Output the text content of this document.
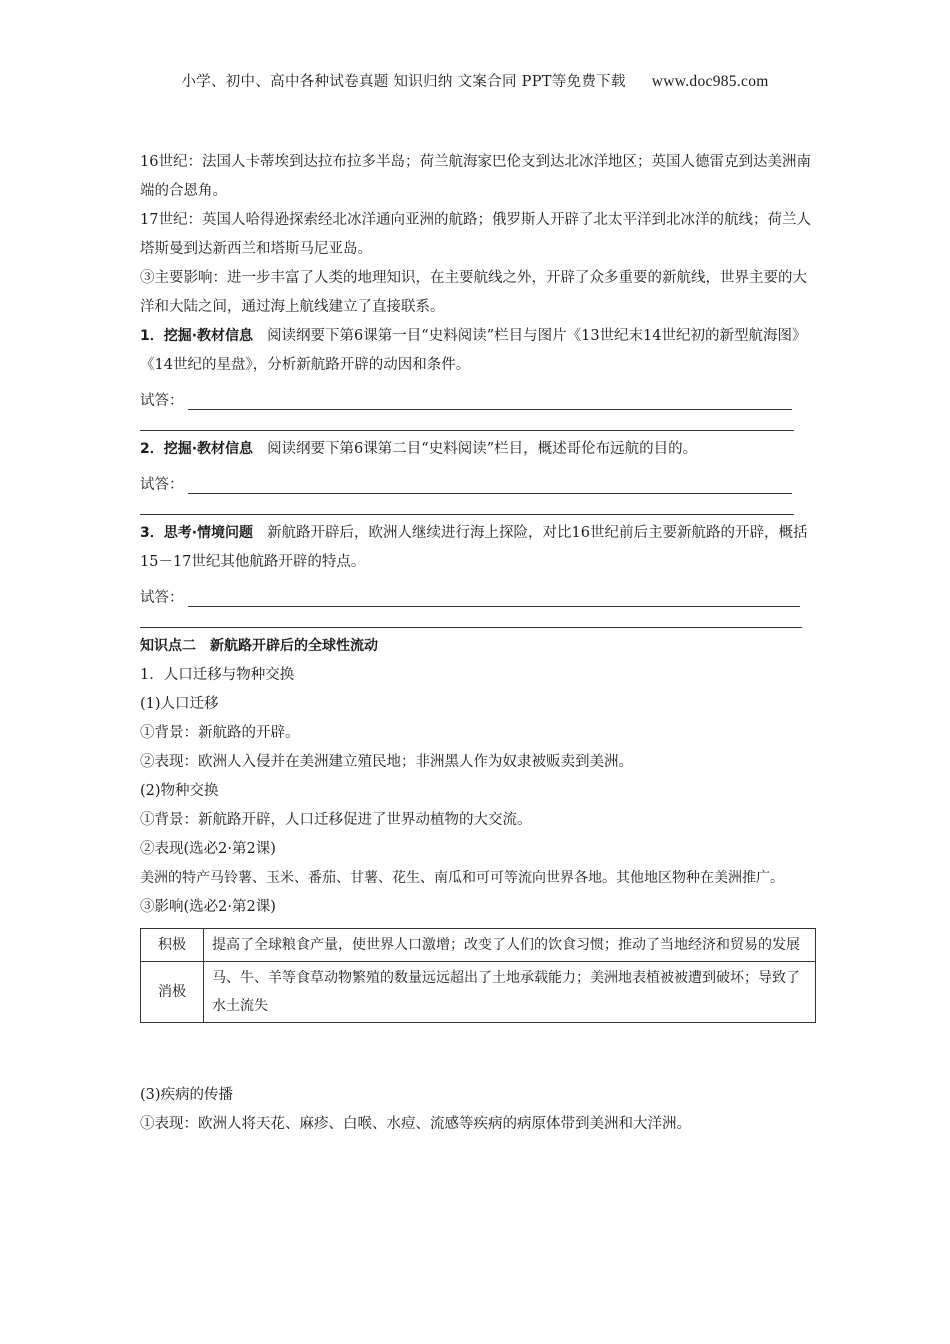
小学、初中、高中各种试卷真题 知识归纳 文案合同 PPT等免费下载 www.doc985.com

16世纪：法国人卡蒂埃到达拉布拉多半岛；荷兰航海家巴伦支到达北冰洋地区；英国人德雷克到达美洲南端的合恩角。

17世纪：英国人哈得逊探索经北冰洋通向亚洲的航路；俄罗斯人开辟了北太平洋到北冰洋的航线；荷兰人塔斯曼到达新西兰和塔斯马尼亚岛。

③主要影响：进一步丰富了人类的地理知识，在主要航线之外，开辟了众多重要的新航线，世界主要的大洋和大陆之间，通过海上航线建立了直接联系。

1．挖掘·教材信息 阅读纲要下第6课第一目“史料阅读”栏目与图片《13世纪末14世纪初的新型航海图》《14世纪的星盘》，分析新航路开辟的动因和条件。

试答：

2．挖掘·教材信息 阅读纲要下第6课第二目“史料阅读”栏目，概述哥伦布远航的目的。

试答：

3．思考·情境问题 新航路开辟后，欧洲人继续进行海上探险，对比16世纪前后主要新航路的开辟，概括15－17世纪其他航路开辟的特点。

试答：

知识点二　新航路开辟后的全球性流动

1．人口迁移与物种交换

(1)人口迁移

①背景：新航路的开辟。

②表现：欧洲人入侵并在美洲建立殖民地；非洲黑人作为奴隶被贩卖到美洲。

(2)物种交换

①背景：新航路开辟，人口迁移促进了世界动植物的大交流。

②表现(选必2·第2课)

美洲的特产马铃薯、玉米、番茄、甘薯、花生、南瓜和可可等流向世界各地。其他地区物种在美洲推广。

③影响(选必2·第2课)

积极	提高了全球粮食产量，使世界人口激增；改变了人们的饮食习惯；推动了当地经济和贸易的发展
消极	马、牛、羊等食草动物繁殖的数量远远超出了土地承载能力；美洲地表植被被遭到破坏；导致了水土流失

(3)疾病的传播

①表现：欧洲人将天花、麻疹、白喉、水痘、流感等疾病的病原体带到美洲和大洋洲。
